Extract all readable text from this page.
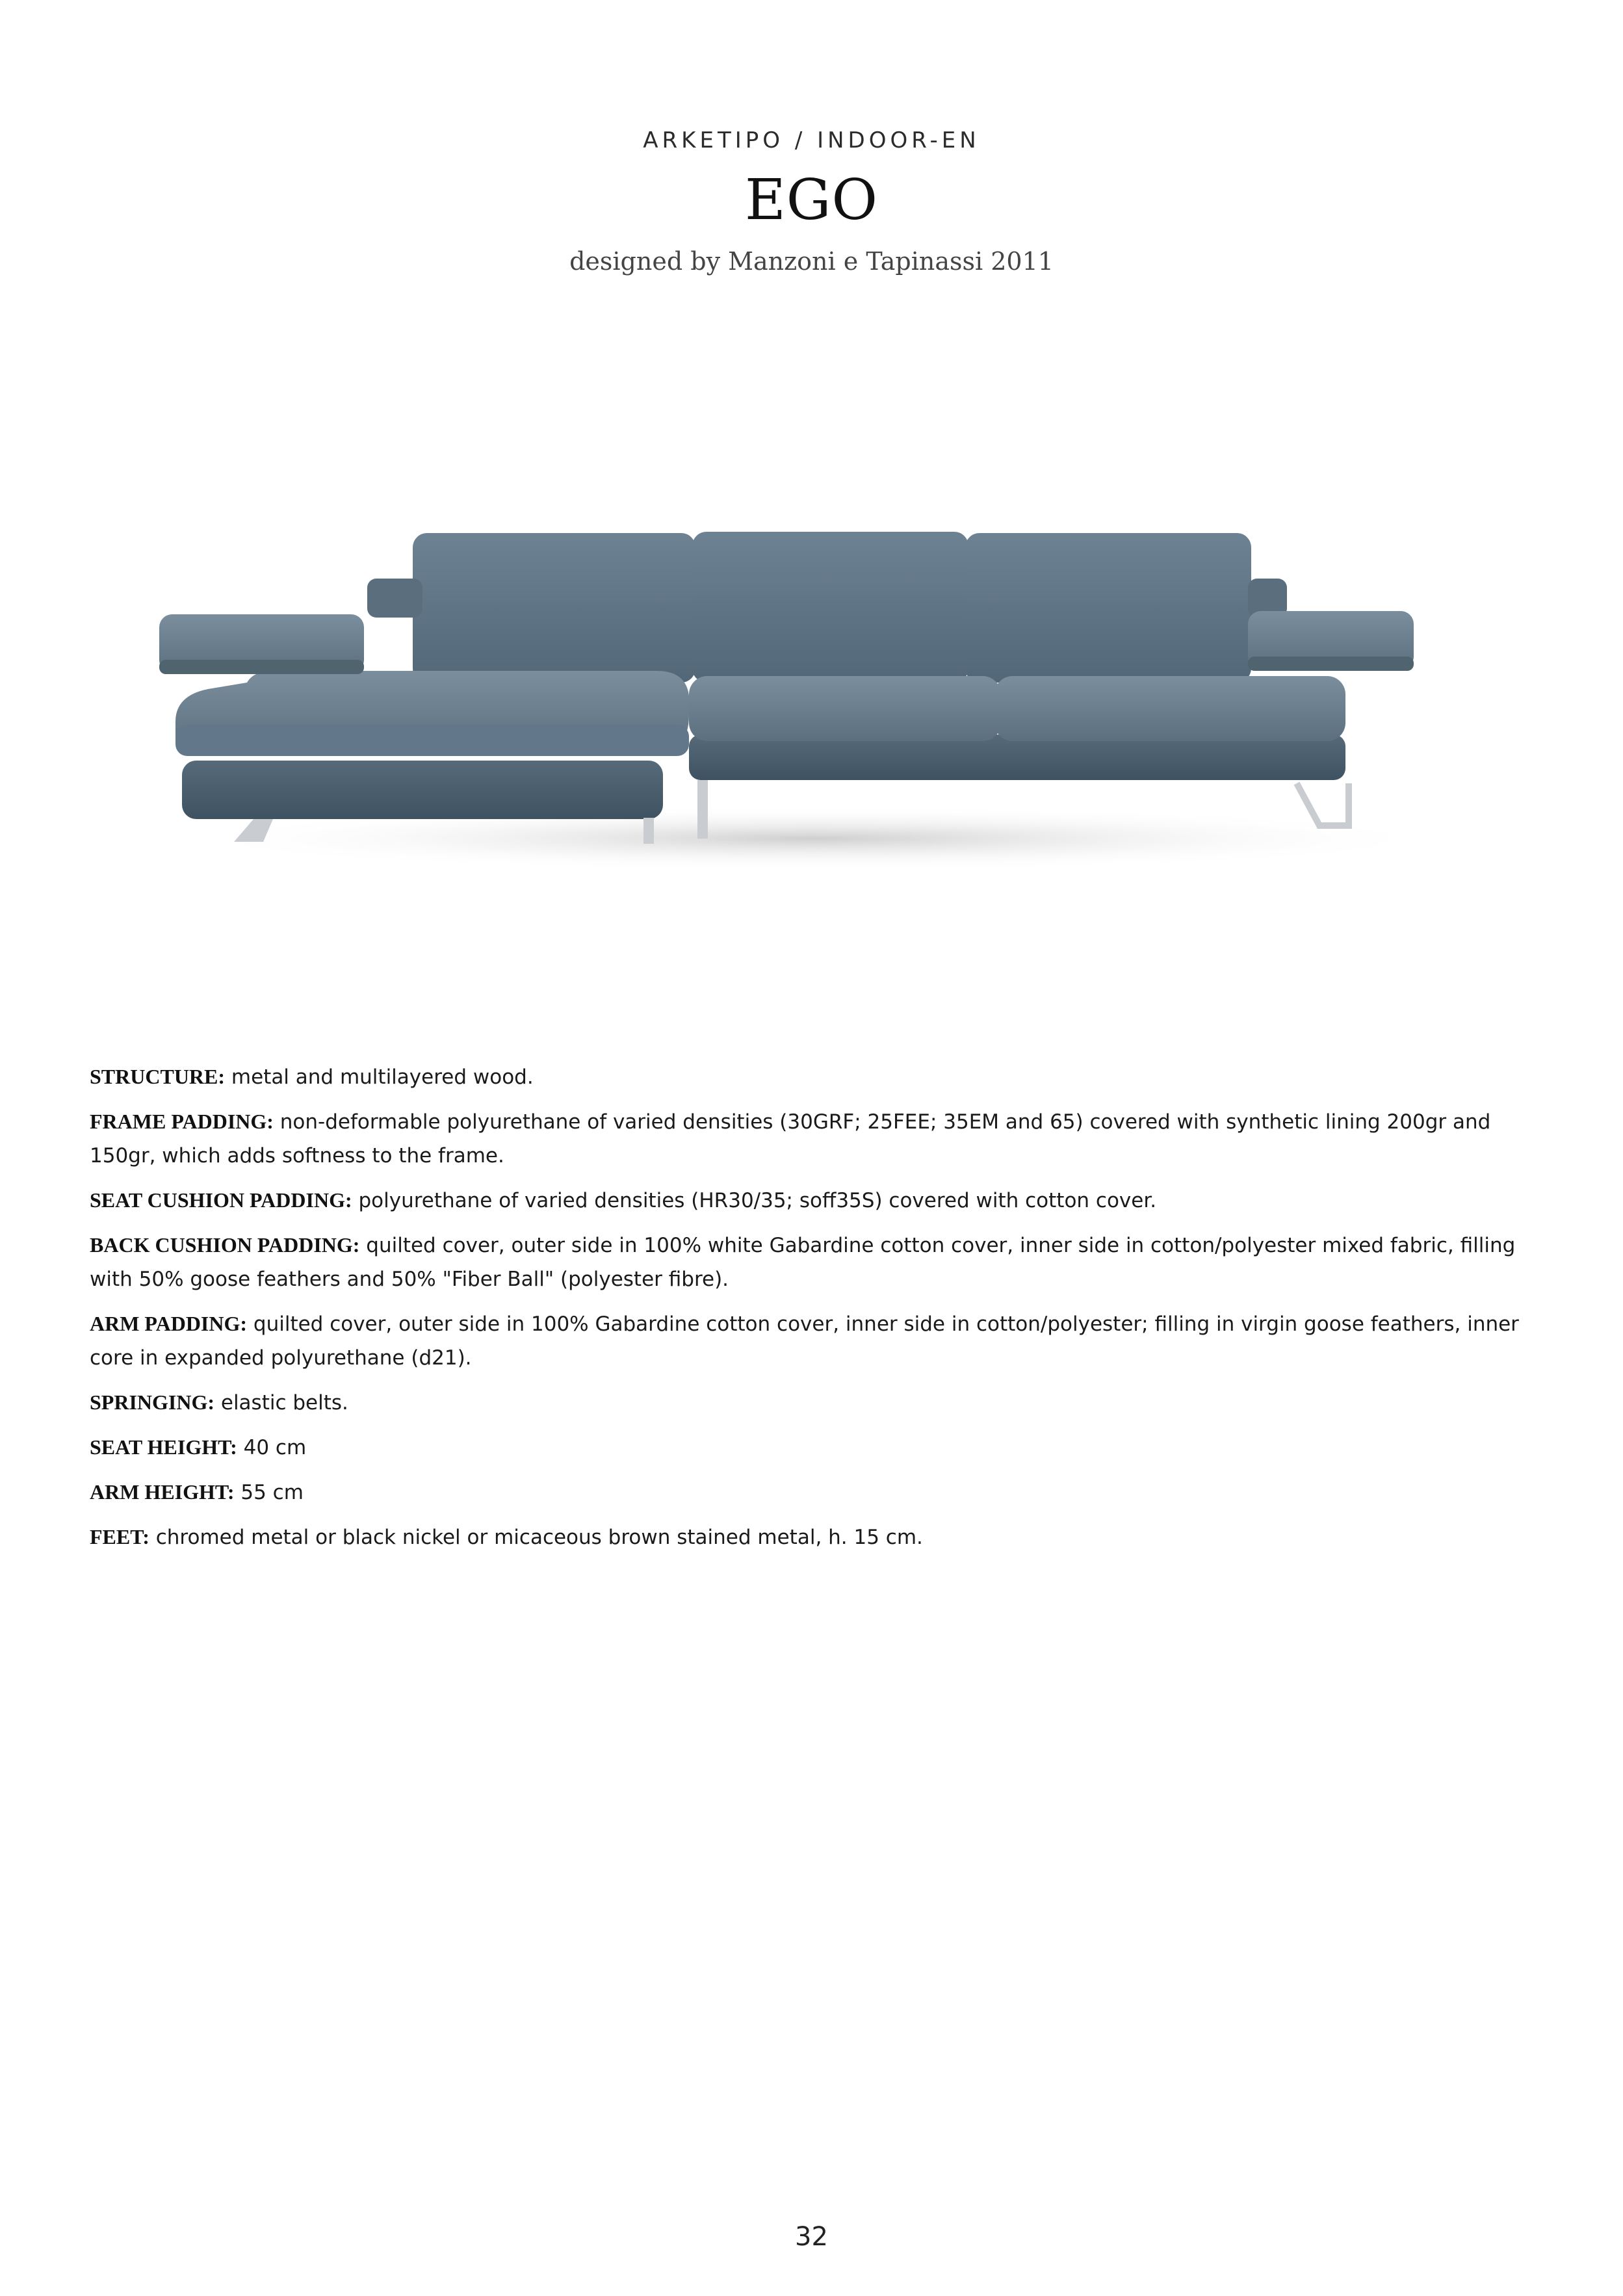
ARKETIPO / INDOOR-EN
EGO
designed by Manzoni e Tapinassi 2011

STRUCTURE: metal and multilayered wood.

FRAME PADDING: non-deformable polyurethane of varied densities (30GRF; 25FEE; 35EM and 65) covered with synthetic lining 200gr and 150gr, which adds softness to the frame.

SEAT CUSHION PADDING: polyurethane of varied densities (HR30/35; soff35S) covered with cotton cover.

BACK CUSHION PADDING: quilted cover, outer side in 100% white Gabardine cotton cover, inner side in cotton/polyester mixed fabric, filling with 50% goose feathers and 50% "Fiber Ball" (polyester fibre).

ARM PADDING: quilted cover, outer side in 100% Gabardine cotton cover, inner side in cotton/polyester; filling in virgin goose feathers, inner core in expanded polyurethane (d21).

SPRINGING: elastic belts.

SEAT HEIGHT: 40 cm

ARM HEIGHT: 55 cm

FEET: chromed metal or black nickel or micaceous brown stained metal, h. 15 cm.

32
